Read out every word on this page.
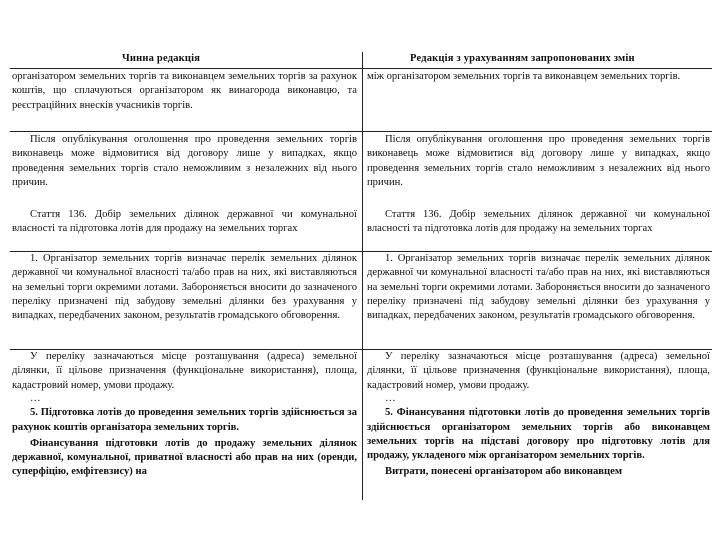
Чинна редакція	Редакція з урахуванням запропонованих змін
організатором земельних торгів та виконавцем земельних торгів за рахунок коштів, що сплачуються організатором як винагорода виконавцю, та реєстраційних внесків учасників торгів.
між організатором земельних торгів та виконавцем земельних торгів.
Після опублікування оголошення про проведення земельних торгів виконавець може відмовитися від договору лише у випадках, якщо проведення земельних торгів стало неможливим з незалежних від нього причин.
Після опублікування оголошення про проведення земельних торгів виконавець може відмовитися від договору лише у випадках, якщо проведення земельних торгів стало неможливим з незалежних від нього причин.
Стаття 136. Добір земельних ділянок державної чи комунальної власності та підготовка лотів для продажу на земельних торгах
Стаття 136. Добір земельних ділянок державної чи комунальної власності та підготовка лотів для продажу на земельних торгах
1. Організатор земельних торгів визначає перелік земельних ділянок державної чи комунальної власності та/або прав на них, які виставляються на земельні торги окремими лотами. Забороняється вносити до зазначеного переліку призначені під забудову земельні ділянки без урахування у випадках, передбачених законом, результатів громадського обговорення.
1. Організатор земельних торгів визначає перелік земельних ділянок державної чи комунальної власності та/або прав на них, які виставляються на земельні торги окремими лотами. Забороняється вносити до зазначеного переліку призначені під забудову земельні ділянки без урахування у випадках, передбачених законом, результатів громадського обговорення.
У переліку зазначаються місце розташування (адреса) земельної ділянки, її цільове призначення (функціональне використання), площа, кадастровий номер, умови продажу.
У переліку зазначаються місце розташування (адреса) земельної ділянки, її цільове призначення (функціональне використання), площа, кадастровий номер, умови продажу.
…
5. Підготовка лотів до проведення земельних торгів здійснюється за рахунок коштів організатора земельних торгів.
Фінансування підготовки лотів до продажу земельних ділянок державної, комунальної, приватної власності або прав на них (оренди, суперфіцію, емфітевзису) на
…
5. Фінансування підготовки лотів до проведення земельних торгів здійснюється організатором земельних торгів або виконавцем земельних торгів на підставі договору про підготовку лотів для продажу, укладеного між організатором земельних торгів.
Витрати, понесені організатором або виконавцем
